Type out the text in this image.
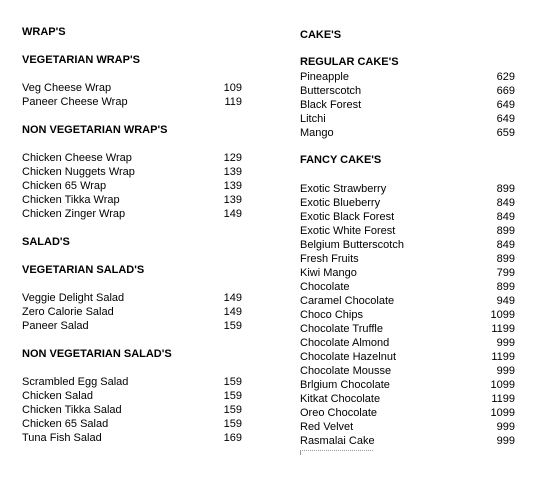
WRAP'S
VEGETARIAN WRAP'S
Veg Cheese Wrap	109
Paneer Cheese Wrap	119
NON VEGETARIAN WRAP'S
Chicken Cheese Wrap	129
Chicken Nuggets Wrap	139
Chicken 65 Wrap	139
Chicken Tikka Wrap	139
Chicken Zinger Wrap	149
SALAD'S
VEGETARIAN SALAD'S
Veggie Delight Salad	149
Zero Calorie Salad	149
Paneer Salad	159
NON VEGETARIAN SALAD'S
Scrambled Egg Salad	159
Chicken Salad	159
Chicken Tikka Salad	159
Chicken 65 Salad	159
Tuna Fish Salad	169
CAKE'S
REGULAR CAKE'S
Pineapple	629
Butterscotch	669
Black Forest	649
Litchi	649
Mango	659
FANCY CAKE'S
Exotic Strawberry	899
Exotic Blueberry	849
Exotic Black Forest	849
Exotic White Forest	899
Belgium Butterscotch	849
Fresh Fruits	899
Kiwi Mango	799
Chocolate	899
Caramel Chocolate	949
Choco Chips	1099
Chocolate Truffle	1199
Chocolate Almond	999
Chocolate Hazelnut	1199
Chocolate Mousse	999
Brlgium Chocolate	1099
Kitkat Chocolate	1199
Oreo Chocolate	1099
Red Velvet	999
Rasmalai Cake	999
